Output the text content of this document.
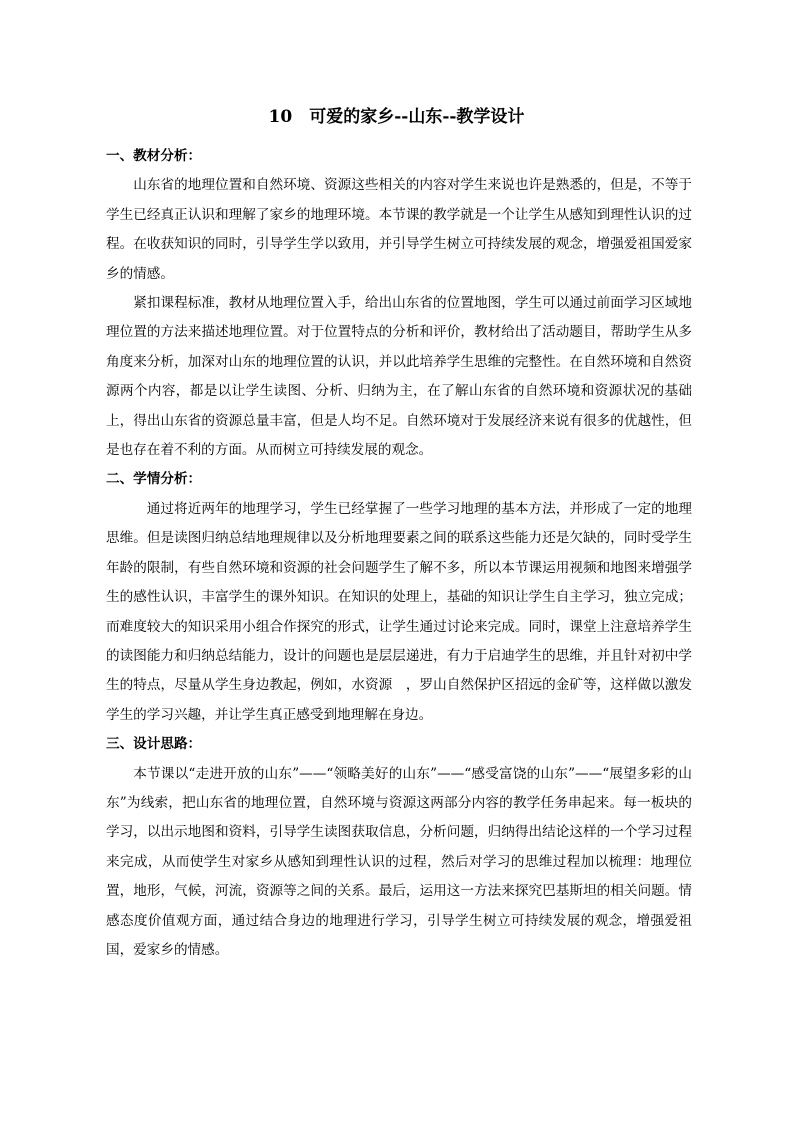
10　可爱的家乡--山东--教学设计

一、教材分析：

山东省的地理位置和自然环境、资源这些相关的内容对学生来说也许是熟悉的，但是，不等于学生已经真正认识和理解了家乡的地理环境。本节课的教学就是一个让学生从感知到理性认识的过程。在收获知识的同时，引导学生学以致用，并引导学生树立可持续发展的观念，增强爱祖国爱家乡的情感。

紧扣课程标准，教材从地理位置入手，给出山东省的位置地图，学生可以通过前面学习区域地理位置的方法来描述地理位置。对于位置特点的分析和评价，教材给出了活动题目，帮助学生从多角度来分析，加深对山东的地理位置的认识，并以此培养学生思维的完整性。在自然环境和自然资源两个内容，都是以让学生读图、分析、归纳为主，在了解山东省的自然环境和资源状况的基础上，得出山东省的资源总量丰富，但是人均不足。自然环境对于发展经济来说有很多的优越性，但是也存在着不利的方面。从而树立可持续发展的观念。

二、学情分析：

通过将近两年的地理学习，学生已经掌握了一些学习地理的基本方法，并形成了一定的地理思维。但是读图归纳总结地理规律以及分析地理要素之间的联系这些能力还是欠缺的，同时受学生年龄的限制，有些自然环境和资源的社会问题学生了解不多，所以本节课运用视频和地图来增强学生的感性认识，丰富学生的课外知识。在知识的处理上，基础的知识让学生自主学习，独立完成；而难度较大的知识采用小组合作探究的形式，让学生通过讨论来完成。同时，课堂上注意培养学生的读图能力和归纳总结能力，设计的问题也是层层递进，有力于启迪学生的思维，并且针对初中学生的特点，尽量从学生身边教起，例如，水资源　，罗山自然保护区招远的金矿等，这样做以激发学生的学习兴趣，并让学生真正感受到地理解在身边。

三、设计思路：

本节课以“走进开放的山东”——“领略美好的山东”——“感受富饶的山东”——“展望多彩的山东”为线索，把山东省的地理位置，自然环境与资源这两部分内容的教学任务串起来。每一板块的学习，以出示地图和资料，引导学生读图获取信息，分析问题，归纳得出结论这样的一个学习过程来完成，从而使学生对家乡从感知到理性认识的过程，然后对学习的思维过程加以梳理：地理位置，地形，气候，河流，资源等之间的关系。最后，运用这一方法来探究巴基斯坦的相关问题。情感态度价值观方面，通过结合身边的地理进行学习，引导学生树立可持续发展的观念，增强爱祖国，爱家乡的情感。
